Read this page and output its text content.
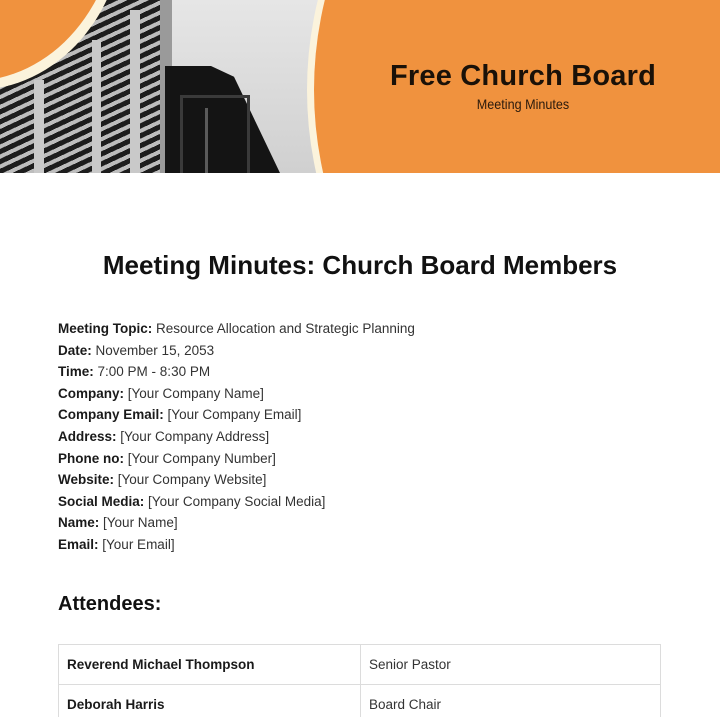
Free Church Board
Meeting Minutes
Meeting Minutes: Church Board Members
Meeting Topic: Resource Allocation and Strategic Planning
Date: November 15, 2053
Time: 7:00 PM - 8:30 PM
Company: [Your Company Name]
Company Email: [Your Company Email]
Address: [Your Company Address]
Phone no: [Your Company Number]
Website: [Your Company Website]
Social Media: [Your Company Social Media]
Name: [Your Name]
Email: [Your Email]
Attendees:
Reverend Michael Thompson	Senior Pastor
Deborah Harris	Board Chair
